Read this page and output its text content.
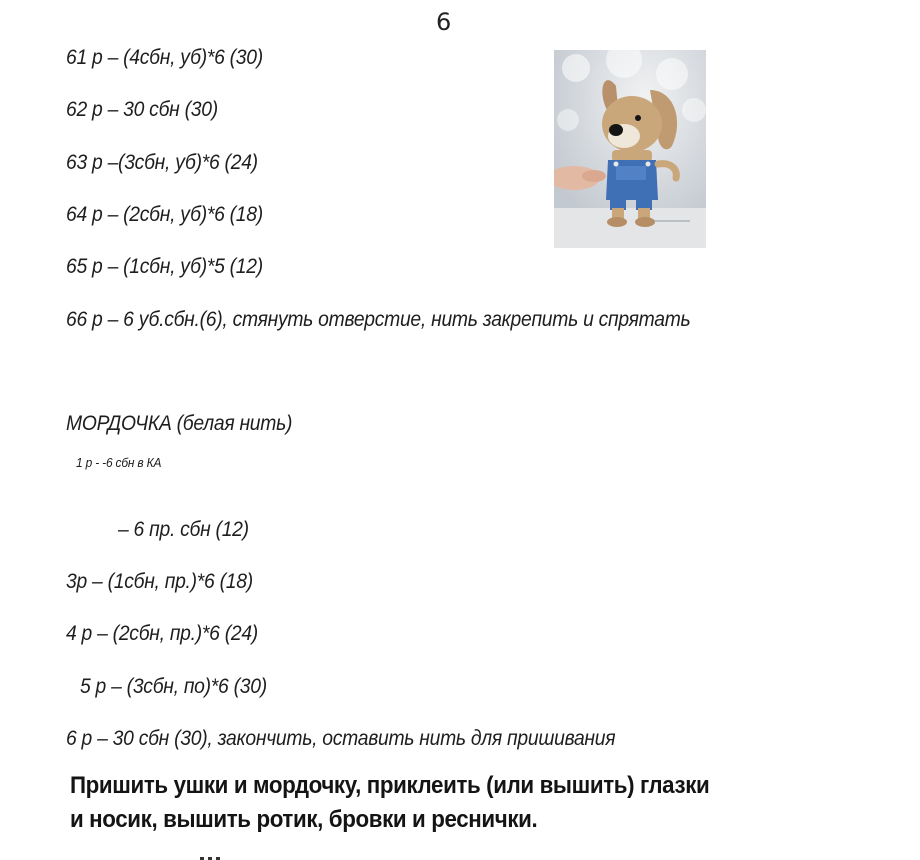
6
61 р – (4сбн, уб)*6 (30)
62 р – 30 сбн (30)
63 р –(3сбн, уб)*6 (24)
64 р – (2сбн, уб)*6 (18)
65 р – (1сбн, уб)*5 (12)
66 р – 6 уб.сбн.(6), стянуть отверстие, нить закрепить и спрятать
МОРДОЧКА (белая нить)
1 р - -6 сбн в КА
– 6 пр. сбн (12)
3р – (1сбн, пр.)*6 (18)
4 р – (2сбн, пр.)*6 (24)
5 р – (3сбн, по)*6 (30)
6 р – 30 сбн (30), закончить, оставить нить для пришивания
Пришить ушки и мордочку, приклеить (или вышить) глазки
и носик, вышить ротик, бровки и реснички.
